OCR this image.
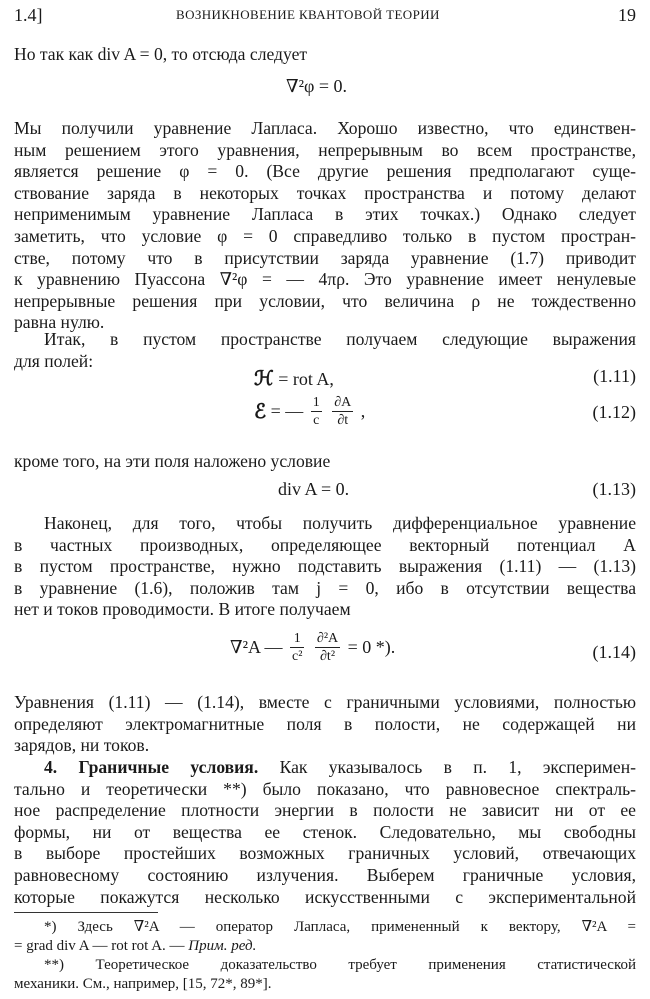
1.4]	ВОЗНИКНОВЕНИЕ КВАНТОВОЙ ТЕОРИИ	19

Но так как div A = 0, то отсюда следует

∇²φ = 0.
Мы получили уравнение Лапласа. Хорошо известно, что единствен-
ным решением этого уравнения, непрерывным во всем пространстве,
является решение φ = 0. (Все другие решения предполагают суще-
ствование заряда в некоторых точках пространства и потому делают
неприменимым уравнение Лапласа в этих точках.) Однако следует
заметить, что условие φ = 0 справедливо только в пустом простран-
стве, потому что в присутствии заряда уравнение (1.7) приводит
к уравнению Пуассона ∇²φ = — 4πρ. Это уравнение имеет ненулевые
непрерывные решения при условии, что величина ρ не тождественно
равна нулю.
Итак, в пустом пространстве получаем следующие выражения
для полей:
ℋ = rot A,	(1.11)
ℰ = — $\frac{1}{c}$
$\frac{\partial A}{\partial t}$ ,	(1.12)

кроме того, на эти поля наложено условие

div A = 0.	(1.13)
Наконец, для того, чтобы получить дифференциальное уравнение
в частных производных, определяющее векторный потенциал A
в пустом пространстве, нужно подставить выражения (1.11) — (1.13)
в уравнение (1.6), положив там j = 0, ибо в отсутствии вещества
нет и токов проводимости. В итоге получаем
∇²A — $\frac{1}{\text{c²}}$
$\frac{\text{∂²A}}{\text{∂t²}} = 0$ *).	(1.14)
Уравнения (1.11) — (1.14), вместе с граничными условиями, полностью
определяют электромагнитные поля в полости, не содержащей ни
зарядов, ни токов.
4. Граничные условия. Как указывалось в п. 1, эксперимен-
тально и теоретически **) было показано, что равновесное спектраль-
ное распределение плотности энергии в полости не зависит ни от ее
формы, ни от вещества ее стенок. Следовательно, мы свободны
в выборе простейших возможных граничных условий, отвечающих
равновесному состоянию излучения. Выберем граничные условия,
которые покажутся несколько искусственными с экспериментальной
*) Здесь ∇²A — оператор Лапласа, примененный к вектору, ∇²A =
= grad div A — rot rot A. — Прим. ред.
**) Теоретическое доказательство требует применения статистической
механики. См., например, [15, 72*, 89*].
